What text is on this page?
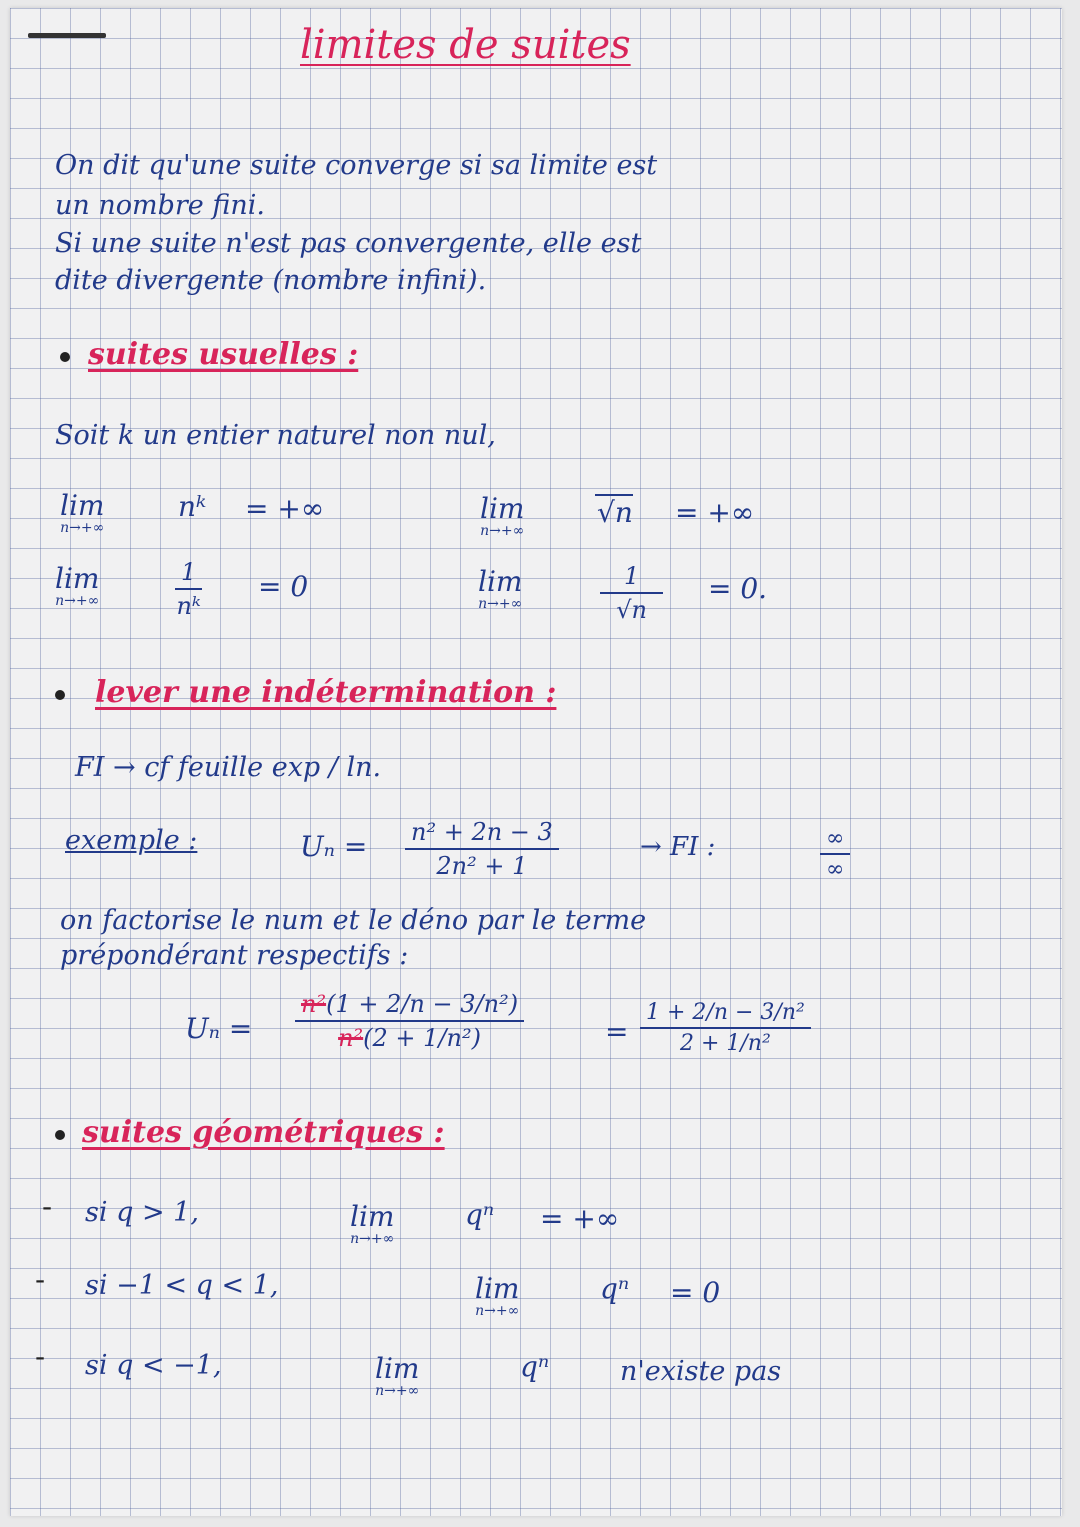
limites de suites
On dit qu'une suite converge si sa limite est
un nombre fini.
Si une suite n'est pas convergente, elle est
dite divergente (nombre infini).
suites usuelles :
Soit k un entier naturel non nul,
lim
n→+∞
nᵏ = +∞	lim
n→+∞
√n = +∞
lim
n→+∞	$\frac{1}{\text{nᵏ}} = 0$	lim
n→+∞	$\frac{1}{√n} = 0$.
lever une indétermination :
FI → cf feuille exp / ln.
exemple :	$U_n = \frac{\text{n² + 2n − 3}}{\text{2n² + 1}}$	→ FI :	∞
∞
on factorise le num et le déno par le terme
prépondérant respectifs :
$U_n = \frac{\text{n²(1 + 2/n − 3/n²)}}{\text{n²(2 + 1/n²)}}$	= $\frac{\text{1 + 2/n − 3/n²}}{\text{2 + 1/n²}}$
suites géométriques :
- si q > 1,	lim
n→+∞
qⁿ = +∞
- si −1 < q < 1,	lim
n→+∞
qⁿ = 0
- si q < −1,	lim
n→+∞
qⁿ	n'existe pas
